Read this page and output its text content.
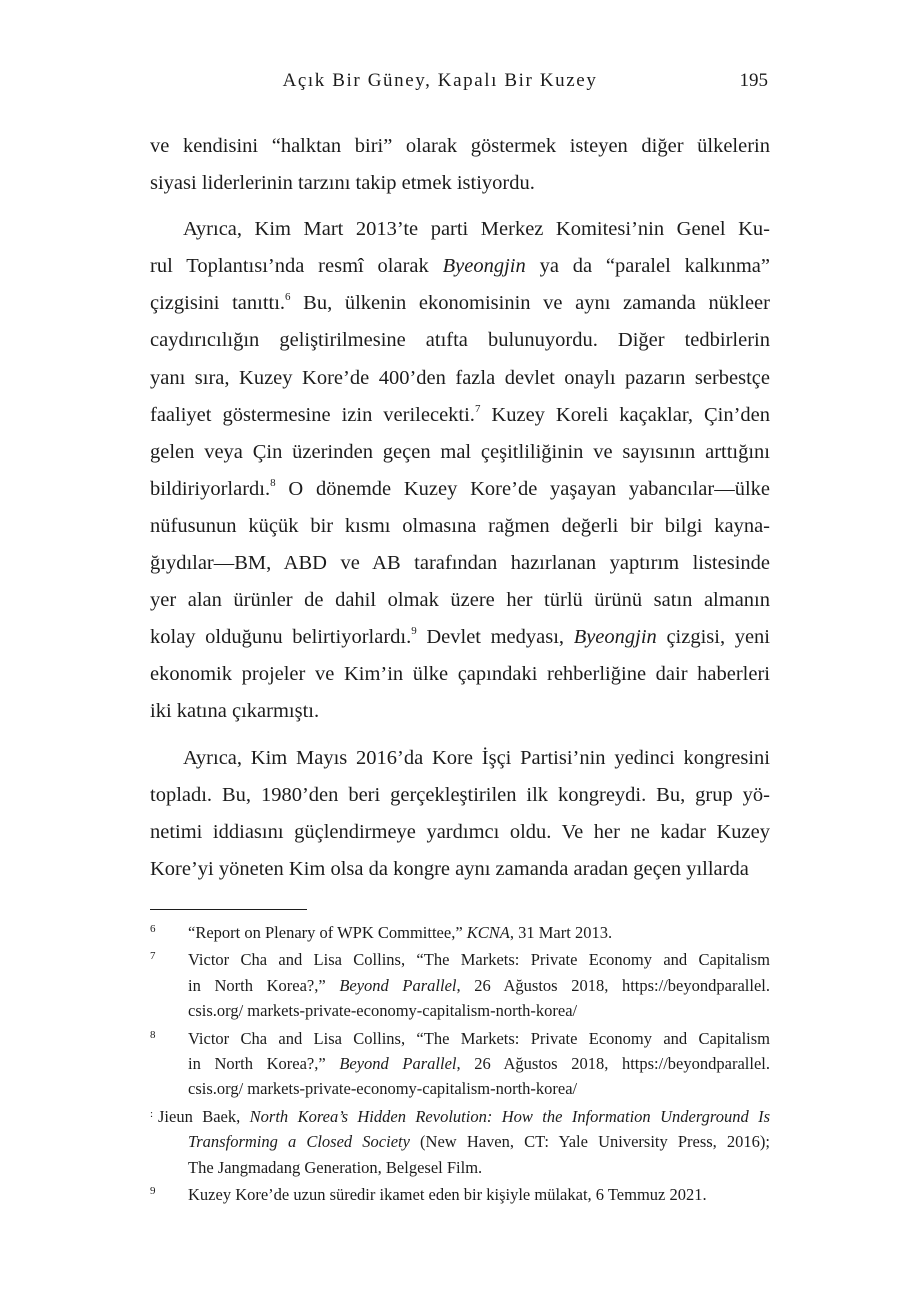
Açık Bir Güney, Kapalı Bir Kuzey	195
ve kendisini “halktan biri” olarak göstermek isteyen diğer ülkelerin
siyasi liderlerinin tarzını takip etmek istiyordu.
Ayrıca, Kim Mart 2013’te parti Merkez Komitesi’nin Genel Ku-
rul Toplantısı’nda resmî olarak Byeongjin ya da “paralel kalkınma”
çizgisini tanıttı.$^6$ Bu, ülkenin ekonomisinin ve aynı zamanda nükleer
caydırıcılığın geliştirilmesine atıfta bulunuyordu. Diğer tedbirlerin
yanı sıra, Kuzey Kore’de 400’den fazla devlet onaylı pazarın serbestçe
faaliyet göstermesine izin verilecekti.$^7$ Kuzey Koreli kaçaklar, Çin’den
gelen veya Çin üzerinden geçen mal çeşitliliğinin ve sayısının arttığını
bildiriyorlardı.$^8$ O dönemde Kuzey Kore’de yaşayan yabancılar—ülke
nüfusunun küçük bir kısmı olmasına rağmen değerli bir bilgi kayna-
ğıydılar—BM, ABD ve AB tarafından hazırlanan yaptırım listesinde
yer alan ürünler de dahil olmak üzere her türlü ürünü satın almanın
kolay olduğunu belirtiyorlardı.$^9$ Devlet medyası, Byeongjin çizgisi, yeni
ekonomik projeler ve Kim’in ülke çapındaki rehberliğine dair haberleri
iki katına çıkarmıştı.
Ayrıca, Kim Mayıs 2016’da Kore İşçi Partisi’nin yedinci kongresini
topladı. Bu, 1980’den beri gerçekleştirilen ilk kongreydi. Bu, grup yö-
netimi iddiasını güçlendirmeye yardımcı oldu. Ve her ne kadar Kuzey
Kore’yi yöneten Kim olsa da kongre aynı zamanda aradan geçen yıllarda
6 “Report on Plenary of WPK Committee,” KCNA, 31 Mart 2013.
7 Victor Cha and Lisa Collins, “The Markets: Private Economy and Capitalism
in North Korea?,” Beyond Parallel, 26 Ağustos 2018, https://beyondparallel.
csis.org/ markets-private-economy-capitalism-north-korea/
8 Victor Cha and Lisa Collins, “The Markets: Private Economy and Capitalism
in North Korea?,” Beyond Parallel, 26 Ağustos 2018, https://beyondparallel.
csis.org/ markets-private-economy-capitalism-north-korea/
: Jieun Baek, North Korea’s Hidden Revolution: How the Information Underground Is
Transforming a Closed Society (New Haven, CT: Yale University Press, 2016);
The Jangmadang Generation, Belgesel Film.
9 Kuzey Kore’de uzun süredir ikamet eden bir kişiyle mülakat, 6 Temmuz 2021.
